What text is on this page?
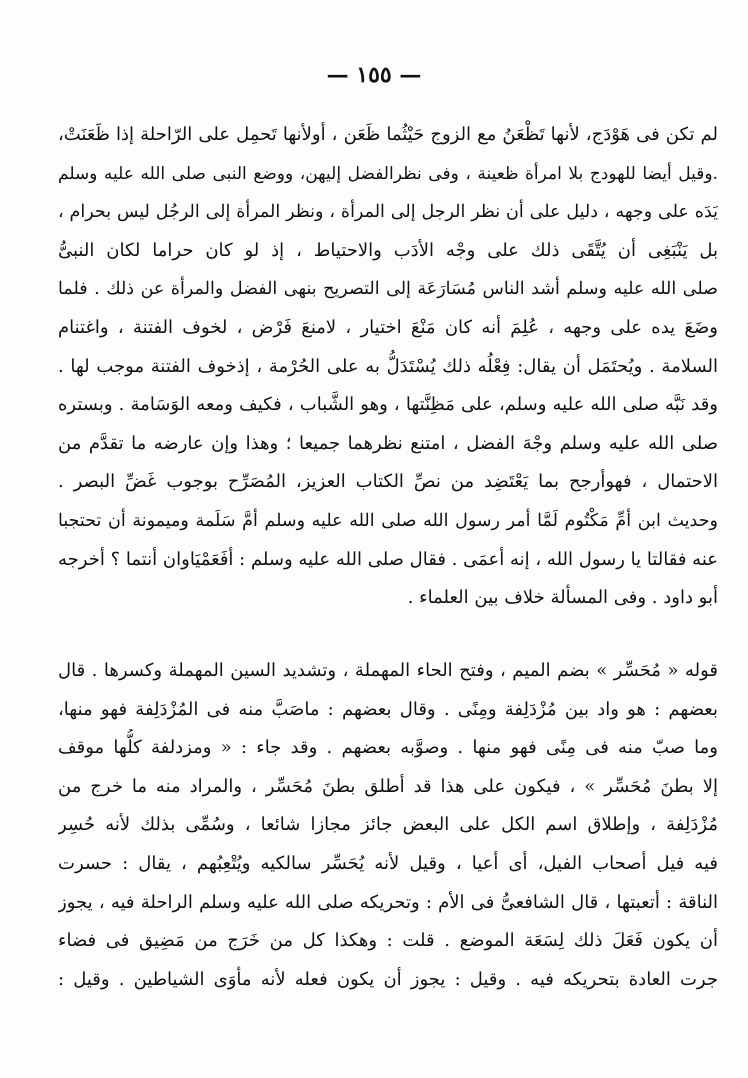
— ١٥٥ —
لم تكن فى هَوْدَج، لأنها تَظْعَنُ مع الزوج حَيْثُما ظَعَن ، أولأنها تَحمِل على الرّاحلة إذا ظَعَنَتْ،
.وقيل أيضا للهودج بلا امرأة ظعينة ، وفى نظرالفضل إليهن، ووضع النبى صلى الله عليه وسلم
يَدَه على وجهه ، دليل على أن نظر الرجل إلى المرأة ، ونظر المرأة إلى الرجُل ليس بحرام ،
بل يَنْبَغِى أن يُتَّقَى ذلك على وجْه الأدَب والاحتياط ، إذ لو كان حراما لكان النبىُّ
صلى الله عليه وسلم أشد الناس مُسَارَعَة إلى التصريح بنهى الفضل والمرأة عن ذلك . فلما
وضَعَ يده على وجهه ، عُلِمَ أنه كان مَنْعَ اختيار ، لامنعَ فَرْض ، لخوف الفتنة ، واغتنام
السلامة . ويُحتَمَل أن يقال: فِعْلُه ذلك يُسْتَدَلُّ به على الحُرْمة ، إذخوف الفتنة موجب لها .
وقد نَبَّه صلى الله عليه وسلم، على مَظِنَّتها ، وهو الشَّباب ، فكيف ومعه الوَسَامة . وبستره
صلى الله عليه وسلم وجْهَ الفضل ، امتنع نظرهما جميعا ؛ وهذا وإن عارضه ما تقدَّم من
الاحتمال ، فهوأرجح بما يَعْتَضِد من نصِّ الكتاب العزيز، المُصَرِّح بوجوب غَضِّ البصر .
وحديث ابن أمِّ مَكْتُوم لَمَّا أمر رسول الله صلى الله عليه وسلم أمَّ سَلَمة وميمونة أن تحتجبا
عنه فقالتا يا رسول الله ، إنه أعمَى . فقال صلى الله عليه وسلم : أفَعَمْيَاوان أنتما ؟ أخرجه
أبو داود . وفى المسألة خلاف بين العلماء .
قوله « مُحَسِّر » بضم الميم ، وفتح الحاء المهملة ، وتشديد السين المهملة وكسرها . قال
بعضهم : هو واد بين مُزْدَلِفة ومِنًى . وقال بعضهم : ماصَبَّ منه فى المُزْدَلِفة فهو منها،
وما صبّ منه فى مِنًى فهو منها . وصوَّبه بعضهم . وقد جاء : « ومزدلفة كلُّها موقف
إلا بطنَ مُحَسِّر » ، فيكون على هذا قد أطلق بطنَ مُحَسِّر ، والمراد منه ما خرج من
مُزْدَلِفة ، وإطلاق اسم الكل على البعض جائز مجازا شائعا ، وسُمِّى بذلك لأنه حُسِر
فيه فيل أصحاب الفيل، أى أعيا ، وقيل لأنه يُحَسِّر سالكيه ويُتْعِبُهم ، يقال : حسرت
الناقة : أتعبتها ، قال الشافعىُّ فى الأم : وتحريكه صلى الله عليه وسلم الراحلة فيه ، يجوز
أن يكون فَعَلَ ذلك لِسَعَة الموضع . قلت : وهكذا كل من خَرَج من مَضِيق فى فضاء
جرت العادة بتحريكه فيه . وقيل : يجوز أن يكون فعله لأنه مأوَى الشياطين . وقيل :
